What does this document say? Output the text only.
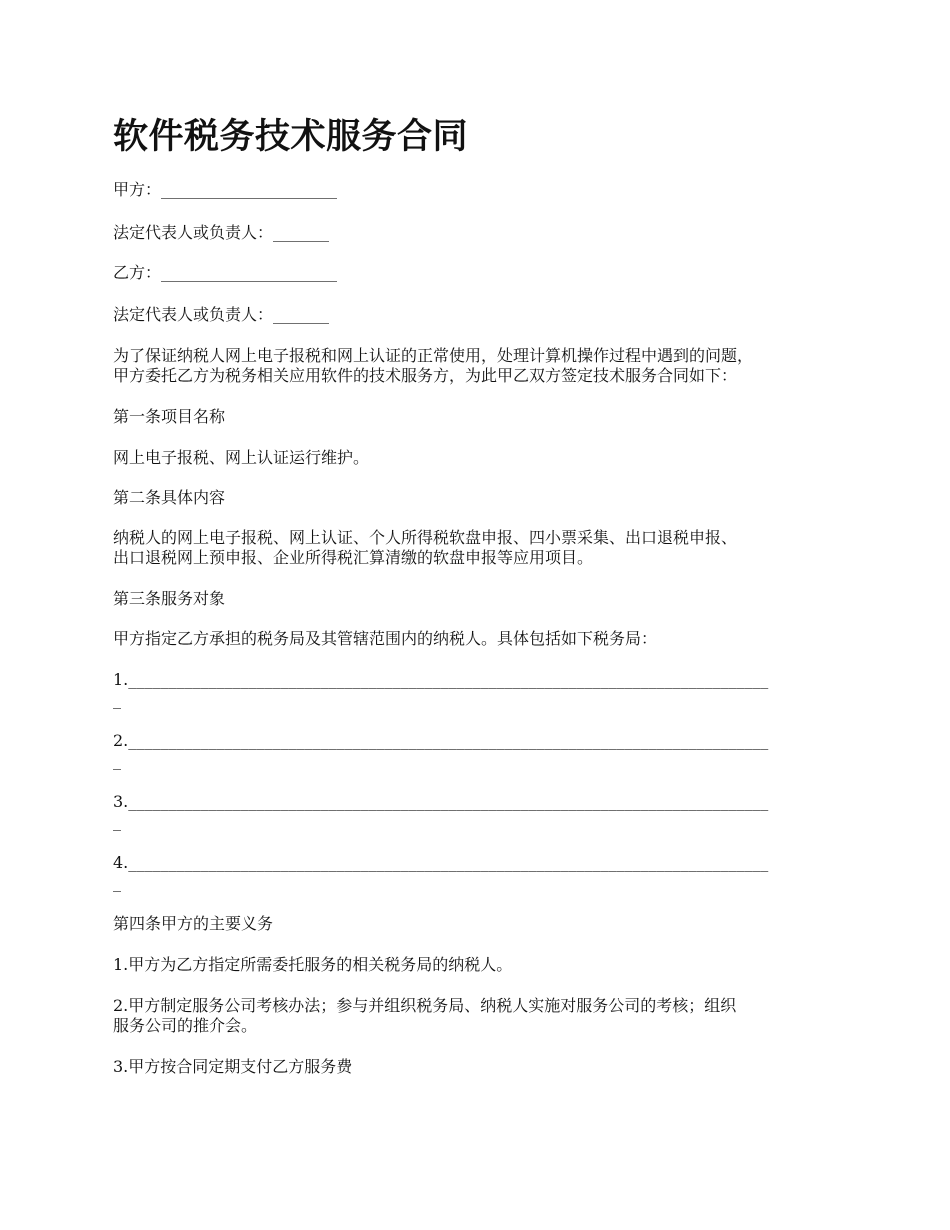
软件税务技术服务合同

甲方：______________________

法定代表人或负责人：_______

乙方：______________________

法定代表人或负责人：_______

为了保证纳税人网上电子报税和网上认证的正常使用，处理计算机操作过程中遇到的问题，
甲方委托乙方为税务相关应用软件的技术服务方，为此甲乙双方签定技术服务合同如下：

第一条项目名称

网上电子报税、网上认证运行维护。

第二条具体内容

纳税人的网上电子报税、网上认证、个人所得税软盘申报、四小票采集、出口退税申报、
出口退税网上预申报、企业所得税汇算清缴的软盘申报等应用项目。

第三条服务对象

甲方指定乙方承担的税务局及其管辖范围内的纳税人。具体包括如下税务局：

1.________________________________________________________________________________
_

2.________________________________________________________________________________
_

3.________________________________________________________________________________
_

4.________________________________________________________________________________
_

第四条甲方的主要义务

1.甲方为乙方指定所需委托服务的相关税务局的纳税人。

2.甲方制定服务公司考核办法；参与并组织税务局、纳税人实施对服务公司的考核；组织
服务公司的推介会。

3.甲方按合同定期支付乙方服务费
